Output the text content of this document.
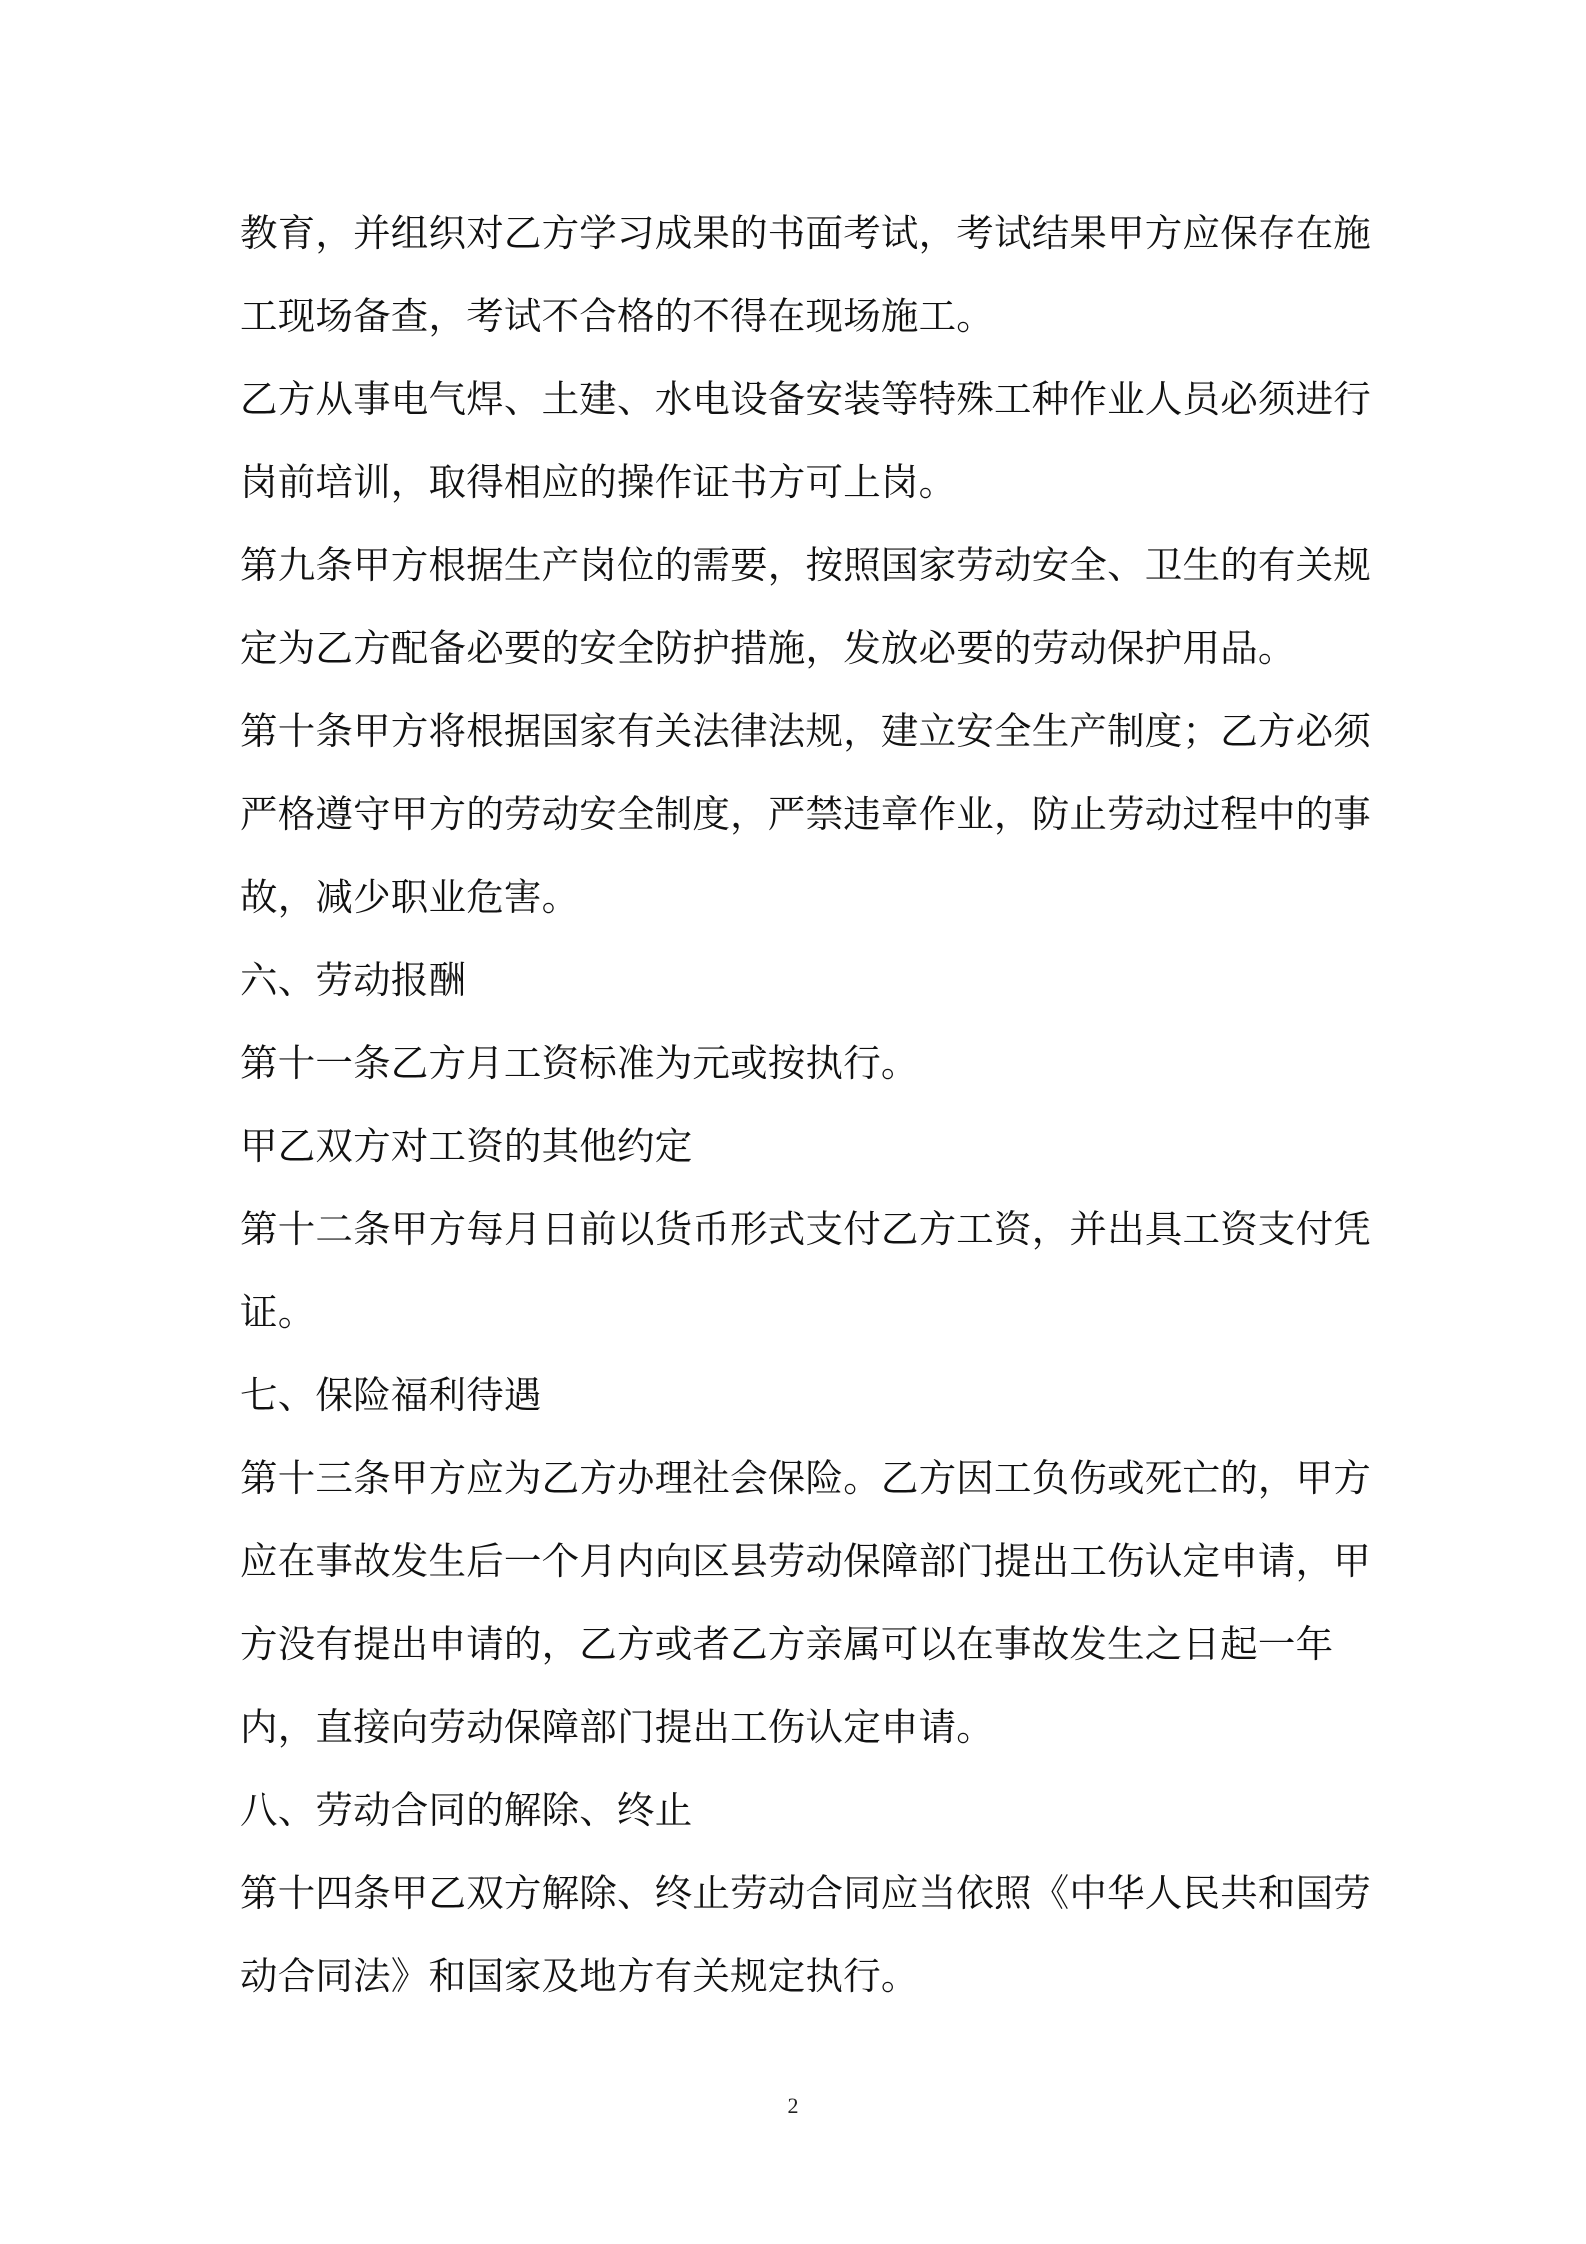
教育，并组织对乙方学习成果的书面考试，考试结果甲方应保存在施

工现场备查，考试不合格的不得在现场施工。

乙方从事电气焊、土建、水电设备安装等特殊工种作业人员必须进行

岗前培训，取得相应的操作证书方可上岗。

第九条甲方根据生产岗位的需要，按照国家劳动安全、卫生的有关规

定为乙方配备必要的安全防护措施，发放必要的劳动保护用品。

第十条甲方将根据国家有关法律法规，建立安全生产制度；乙方必须

严格遵守甲方的劳动安全制度，严禁违章作业，防止劳动过程中的事

故，减少职业危害。

六、劳动报酬

第十一条乙方月工资标准为元或按执行。

甲乙双方对工资的其他约定

第十二条甲方每月日前以货币形式支付乙方工资，并出具工资支付凭

证。

七、保险福利待遇

第十三条甲方应为乙方办理社会保险。乙方因工负伤或死亡的，甲方

应在事故发生后一个月内向区县劳动保障部门提出工伤认定申请，甲

方没有提出申请的，乙方或者乙方亲属可以在事故发生之日起一年

内，直接向劳动保障部门提出工伤认定申请。

八、劳动合同的解除、终止

第十四条甲乙双方解除、终止劳动合同应当依照《中华人民共和国劳

动合同法》和国家及地方有关规定执行。

2
